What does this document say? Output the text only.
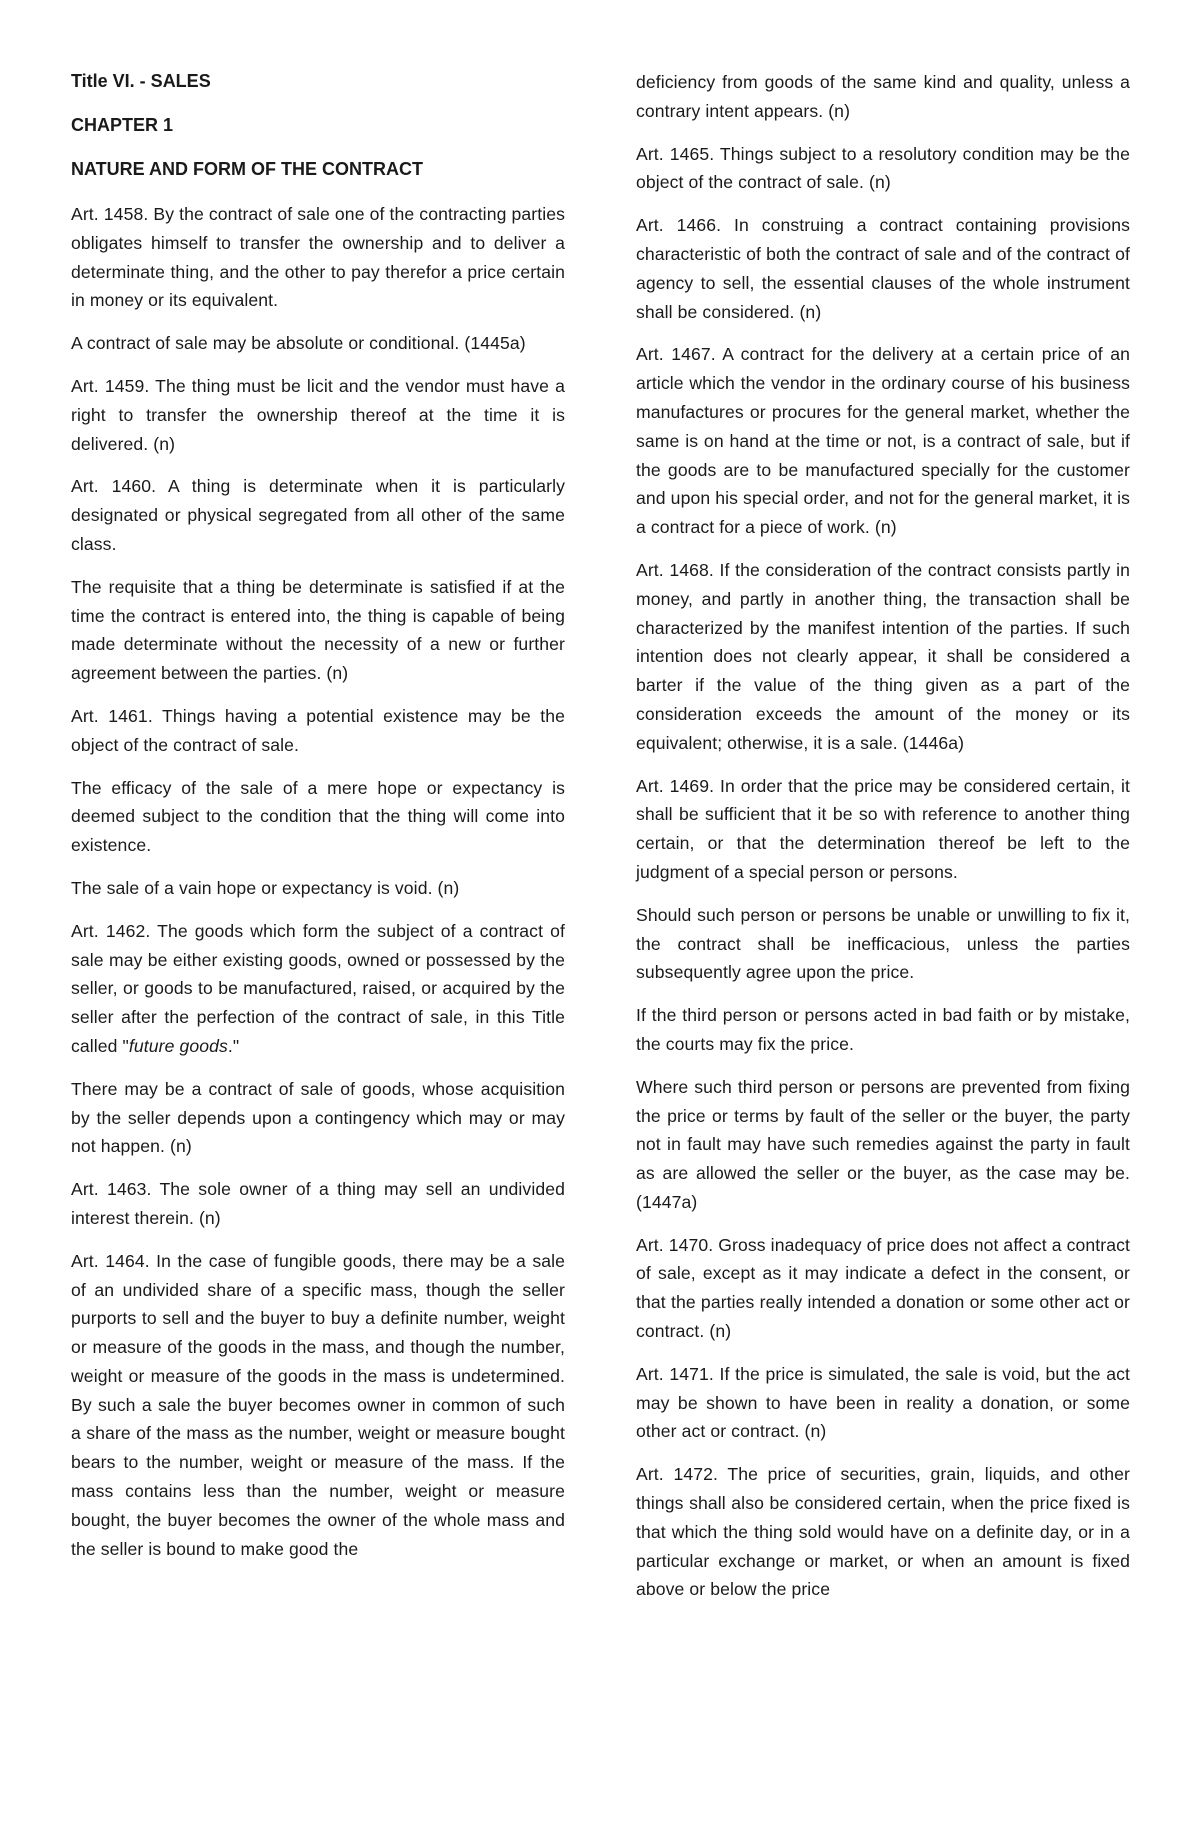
Title VI. - SALES
CHAPTER 1
NATURE AND FORM OF THE CONTRACT

Art. 1458. By the contract of sale one of the contracting parties obligates himself to transfer the ownership and to deliver a determinate thing, and the other to pay therefor a price certain in money or its equivalent.

A contract of sale may be absolute or conditional. (1445a)

Art. 1459. The thing must be licit and the vendor must have a right to transfer the ownership thereof at the time it is delivered. (n)

Art. 1460. A thing is determinate when it is particularly designated or physical segregated from all other of the same class.

The requisite that a thing be determinate is satisfied if at the time the contract is entered into, the thing is capable of being made determinate without the necessity of a new or further agreement between the parties. (n)

Art. 1461. Things having a potential existence may be the object of the contract of sale.

The efficacy of the sale of a mere hope or expectancy is deemed subject to the condition that the thing will come into existence.

The sale of a vain hope or expectancy is void. (n)

Art. 1462. The goods which form the subject of a contract of sale may be either existing goods, owned or possessed by the seller, or goods to be manufactured, raised, or acquired by the seller after the perfection of the contract of sale, in this Title called "future goods."

There may be a contract of sale of goods, whose acquisition by the seller depends upon a contingency which may or may not happen. (n)

Art. 1463. The sole owner of a thing may sell an undivided interest therein. (n)

Art. 1464. In the case of fungible goods, there may be a sale of an undivided share of a specific mass, though the seller purports to sell and the buyer to buy a definite number, weight or measure of the goods in the mass, and though the number, weight or measure of the goods in the mass is undetermined. By such a sale the buyer becomes owner in common of such a share of the mass as the number, weight or measure bought bears to the number, weight or measure of the mass. If the mass contains less than the number, weight or measure bought, the buyer becomes the owner of the whole mass and the seller is bound to make good the

deficiency from goods of the same kind and quality, unless a contrary intent appears. (n)

Art. 1465. Things subject to a resolutory condition may be the object of the contract of sale. (n)

Art. 1466. In construing a contract containing provisions characteristic of both the contract of sale and of the contract of agency to sell, the essential clauses of the whole instrument shall be considered. (n)

Art. 1467. A contract for the delivery at a certain price of an article which the vendor in the ordinary course of his business manufactures or procures for the general market, whether the same is on hand at the time or not, is a contract of sale, but if the goods are to be manufactured specially for the customer and upon his special order, and not for the general market, it is a contract for a piece of work. (n)

Art. 1468. If the consideration of the contract consists partly in money, and partly in another thing, the transaction shall be characterized by the manifest intention of the parties. If such intention does not clearly appear, it shall be considered a barter if the value of the thing given as a part of the consideration exceeds the amount of the money or its equivalent; otherwise, it is a sale. (1446a)

Art. 1469. In order that the price may be considered certain, it shall be sufficient that it be so with reference to another thing certain, or that the determination thereof be left to the judgment of a special person or persons.

Should such person or persons be unable or unwilling to fix it, the contract shall be inefficacious, unless the parties subsequently agree upon the price.

If the third person or persons acted in bad faith or by mistake, the courts may fix the price.

Where such third person or persons are prevented from fixing the price or terms by fault of the seller or the buyer, the party not in fault may have such remedies against the party in fault as are allowed the seller or the buyer, as the case may be. (1447a)

Art. 1470. Gross inadequacy of price does not affect a contract of sale, except as it may indicate a defect in the consent, or that the parties really intended a donation or some other act or contract. (n)

Art. 1471. If the price is simulated, the sale is void, but the act may be shown to have been in reality a donation, or some other act or contract. (n)

Art. 1472. The price of securities, grain, liquids, and other things shall also be considered certain, when the price fixed is that which the thing sold would have on a definite day, or in a particular exchange or market, or when an amount is fixed above or below the price
